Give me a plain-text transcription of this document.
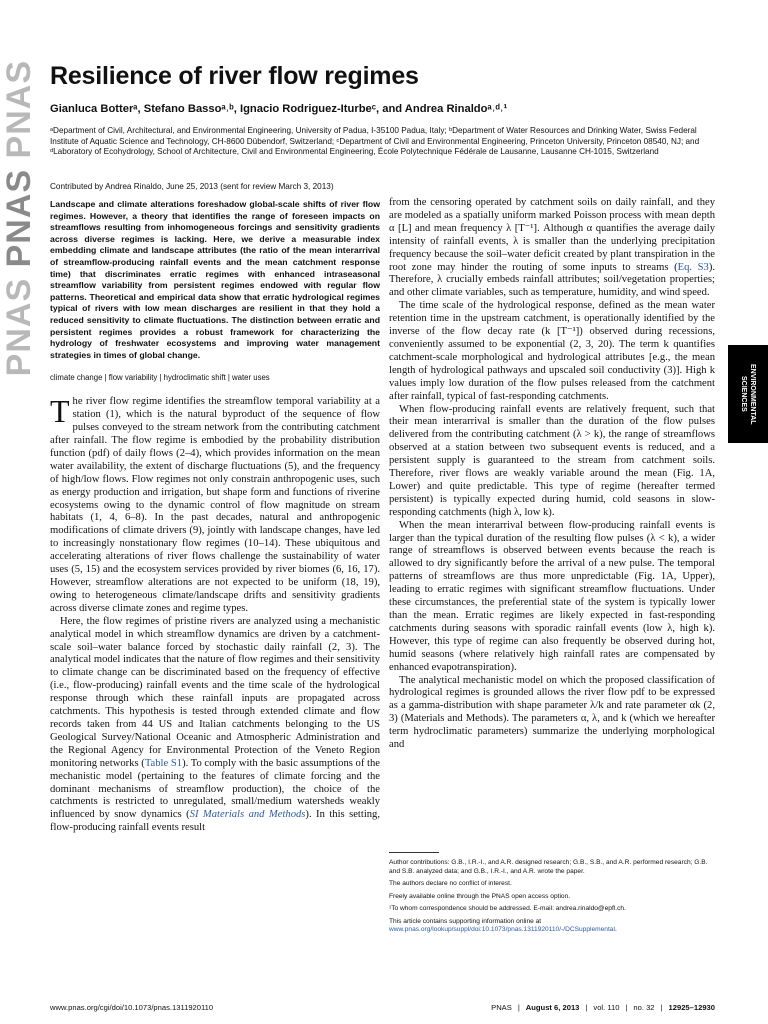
PNAS PNAS PNAS Resilience of river flow regimes
Gianluca Botterᵃ, Stefano Bassoᵃ˒ᵇ, Ignacio Rodriguez-Iturbeᶜ, and Andrea Rinaldoᵃ˒ᵈ˒¹
ᵃDepartment of Civil, Architectural, and Environmental Engineering, University of Padua, I-35100 Padua, Italy; ᵇDepartment of Water Resources and Drinking Water, Swiss Federal Institute of Aquatic Science and Technology, CH-8600 Dübendorf, Switzerland; ᶜDepartment of Civil and Environmental Engineering, Princeton University, Princeton 08540, NJ; and ᵈLaboratory of Ecohydrology, School of Architecture, Civil and Environmental Engineering, École Polytechnique Fédérale de Lausanne, Lausanne CH-1015, Switzerland
Contributed by Andrea Rinaldo, June 25, 2013 (sent for review March 3, 2013)

Landscape and climate alterations foreshadow global-scale shifts of river flow regimes. However, a theory that identifies the range of foreseen impacts on streamflows resulting from inhomogeneous forcings and sensitivity gradients across diverse regimes is lacking. Here, we derive a measurable index embedding climate and landscape attributes (the ratio of the mean interarrival of streamflow-producing rainfall events and the mean catchment response time) that discriminates erratic regimes with enhanced intraseasonal streamflow variability from persistent regimes endowed with regular flow patterns. Theoretical and empirical data show that erratic hydrological regimes typical of rivers with low mean discharges are resilient in that they hold a reduced sensitivity to climate fluctuations. The distinction between erratic and persistent regimes provides a robust framework for characterizing the hydrology of freshwater ecosystems and improving water management strategies in times of global change.

climate change | flow variability | hydroclimatic shift | water uses

The river flow regime identifies the streamflow temporal variability at a station (1), which is the natural byproduct of the sequence of flow pulses conveyed to the stream network from the contributing catchment after rainfall. The flow regime is embodied by the probability distribution function (pdf) of daily flows (2–4), which provides information on the mean water availability, the extent of discharge fluctuations (5), and the frequency of high/low flows. Flow regimes not only constrain anthropogenic uses, such as energy production and irrigation, but shape form and functions of riverine ecosystems owing to the dynamic control of flow magnitude on stream habitats (1, 4, 6–8). In the past decades, natural and anthropogenic modifications of climate drivers (9), jointly with landscape changes, have led to increasingly nonstationary flow regimes (10–14). These ubiquitous and accelerating alterations of river flows challenge the sustainability of water uses (5, 15) and the ecosystem services provided by river biomes (6, 16, 17). However, streamflow alterations are not expected to be uniform (18, 19), owing to heterogeneous climate/landscape drifts and sensitivity gradients across diverse climate zones and regime types.

Here, the flow regimes of pristine rivers are analyzed using a mechanistic analytical model in which streamflow dynamics are driven by a catchment-scale soil–water balance forced by stochastic daily rainfall (2, 3). The analytical model indicates that the nature of flow regimes and their sensitivity to climate change can be discriminated based on the frequency of effective (i.e., flow-producing) rainfall events and the time scale of the hydrological response through which these rainfall inputs are propagated across catchments. This hypothesis is tested through extended climate and flow records taken from 44 US and Italian catchments belonging to the US Geological Survey/National Oceanic and Atmospheric Administration and the Regional Agency for Environmental Protection of the Veneto Region monitoring networks (Table S1). To comply with the basic assumptions of the mechanistic model (pertaining to the features of climate forcing and the dominant mechanisms of streamflow production), the choice of the catchments is restricted to unregulated, small/medium watersheds weakly influenced by snow dynamics (SI Materials and Methods). In this setting, flow-producing rainfall events result

from the censoring operated by catchment soils on daily rainfall, and they are modeled as a spatially uniform marked Poisson process with mean depth α [L] and mean frequency λ [T⁻¹]. Although α quantifies the average daily intensity of rainfall events, λ is smaller than the underlying precipitation frequency because the soil–water deficit created by plant transpiration in the root zone may hinder the routing of some inputs to streams (Eq. S3). Therefore, λ crucially embeds rainfall attributes; soil/vegetation properties; and other climate variables, such as temperature, humidity, and wind speed.

The time scale of the hydrological response, defined as the mean water retention time in the upstream catchment, is operationally identified by the inverse of the flow decay rate (k [T⁻¹]) observed during recessions, conveniently assumed to be exponential (2, 3, 20). The term k quantifies catchment-scale morphological and hydrological attributes [e.g., the mean length of hydrological pathways and upscaled soil conductivity (3)]. High k values imply low duration of the flow pulses released from the catchment after rainfall, typical of fast-responding catchments.

When flow-producing rainfall events are relatively frequent, such that their mean interarrival is smaller than the duration of the flow pulses delivered from the contributing catchment (λ > k), the range of streamflows observed at a station between two subsequent events is reduced, and a persistent supply is guaranteed to the stream from catchment soils. Therefore, river flows are weakly variable around the mean (Fig. 1A, Lower) and quite predictable. This type of regime (hereafter termed persistent) is typically expected during humid, cold seasons in slow-responding catchments (high λ, low k).

When the mean interarrival between flow-producing rainfall events is larger than the typical duration of the resulting flow pulses (λ < k), a wider range of streamflows is observed between events because the reach is allowed to dry significantly before the arrival of a new pulse. The temporal patterns of streamflows are thus more unpredictable (Fig. 1A, Upper), leading to erratic regimes with significant streamflow fluctuations. Under these circumstances, the preferential state of the system is typically lower than the mean. Erratic regimes are likely expected in fast-responding catchments during seasons with sporadic rainfall events (low λ, high k). However, this type of regime can also frequently be observed during hot, humid seasons (where relatively high rainfall rates are compensated by enhanced evapotranspiration).

The analytical mechanistic model on which the proposed classification of hydrological regimes is grounded allows the river flow pdf to be expressed as a gamma-distribution with shape parameter λ/k and rate parameter αk (2, 3) (Materials and Methods). The parameters α, λ, and k (which we hereafter term hydroclimatic parameters) summarize the underlying morphological and

Author contributions: G.B., I.R.-I., and A.R. designed research; G.B., S.B., and A.R. performed research; G.B. and S.B. analyzed data; and G.B., I.R.-I., and A.R. wrote the paper.

The authors declare no conflict of interest.

Freely available online through the PNAS open access option.

¹To whom correspondence should be addressed. E-mail: andrea.rinaldo@epfl.ch.

This article contains supporting information online at www.pnas.org/lookup/suppl/doi:10.1073/pnas.1311920110/-/DCSupplemental.

ENVIRONMENTAL SCIENCES
www.pnas.org/cgi/doi/10.1073/pnas.1311920110	PNAS | August 6, 2013 | vol. 110 | no. 32 | 12925–12930
